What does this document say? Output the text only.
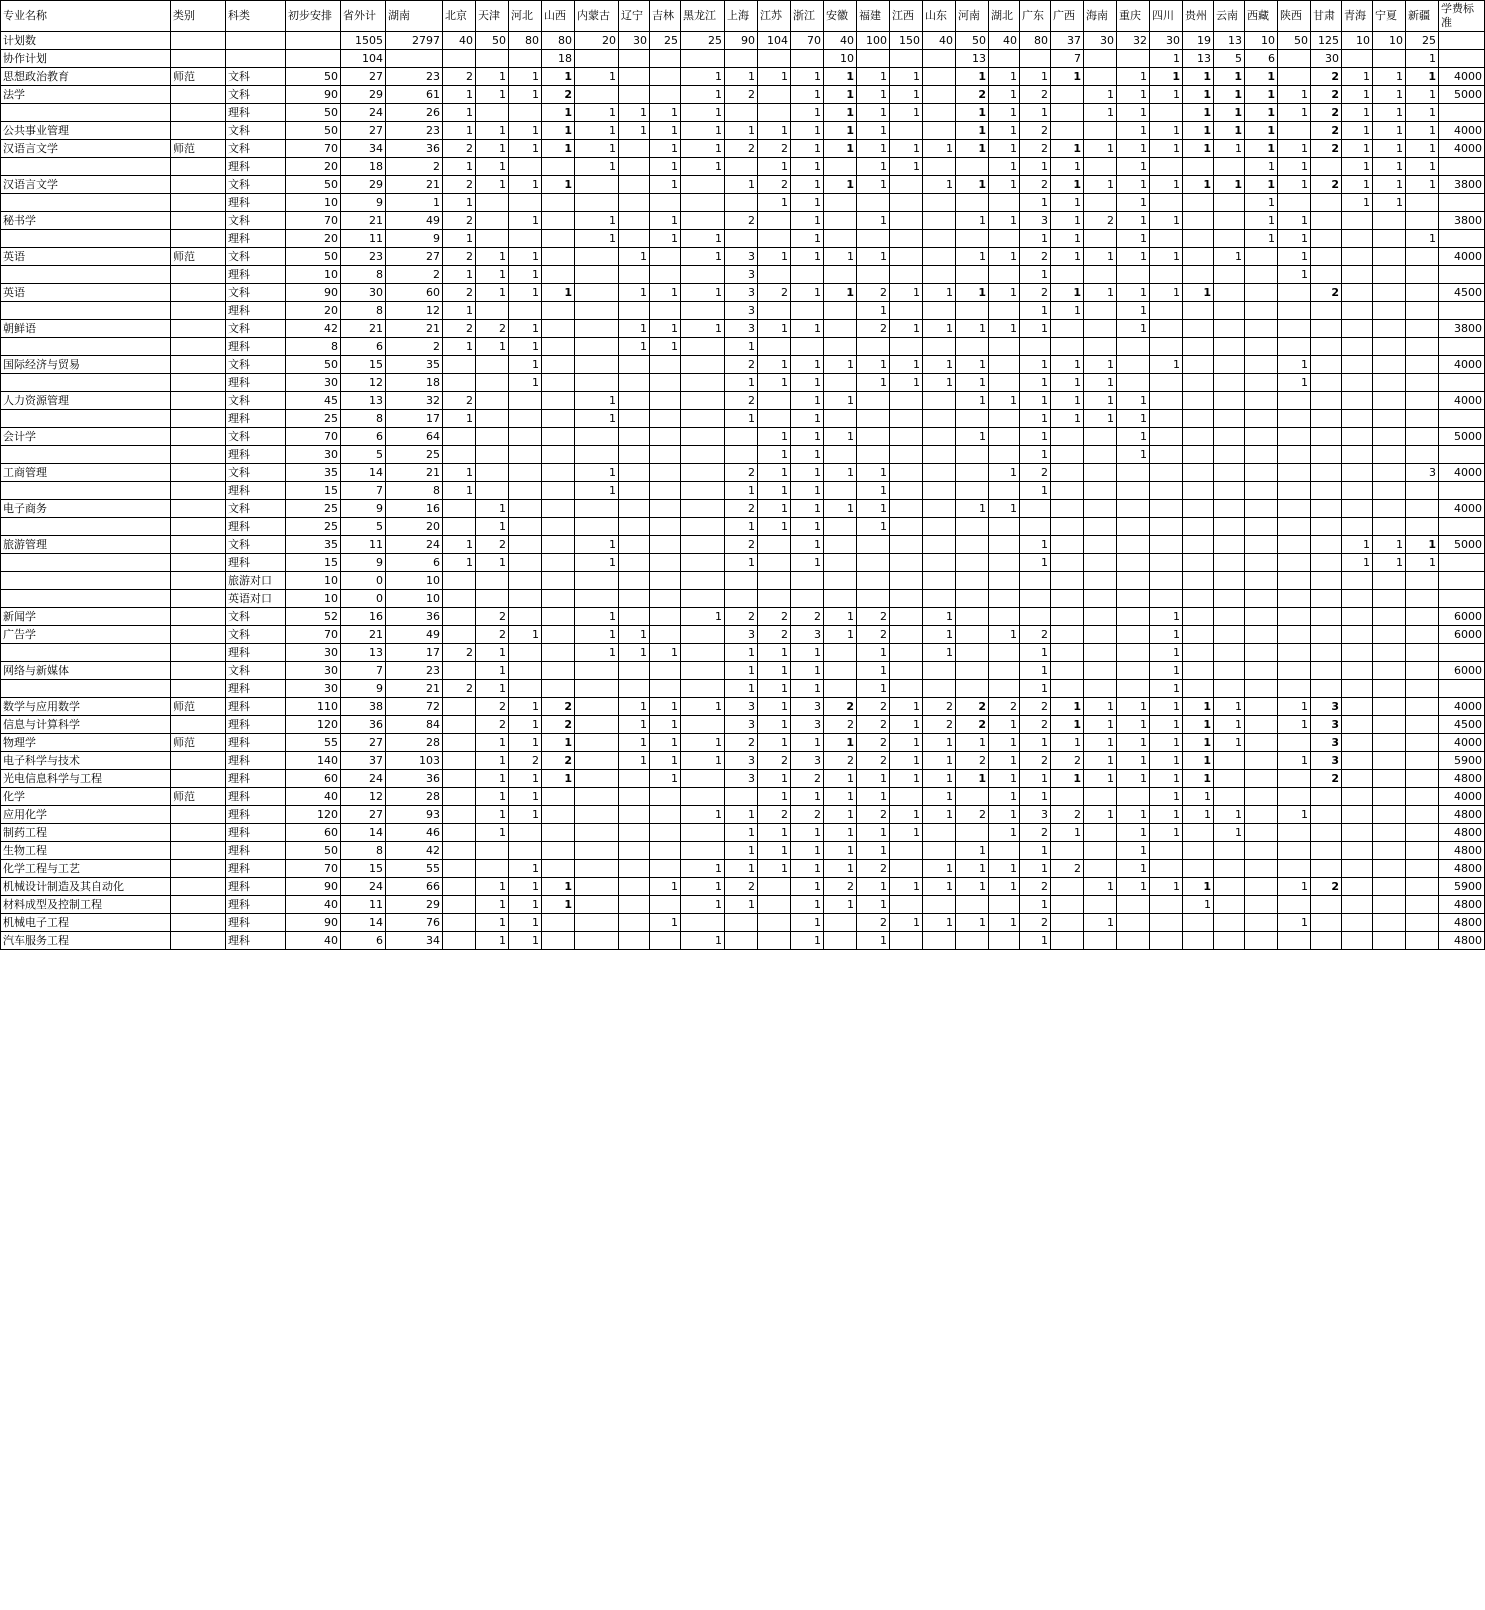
专业名称	类别	科类	初步安排	省外计	湖南	北京	天津	河北	山西	内蒙古	辽宁	吉林	黑龙江	上海	江苏	浙江	安徽	福建	江西	山东	河南	湖北	广东	广西	海南	重庆	四川	贵州	云南	西藏	陕西	甘肃	青海	宁夏	新疆	学费标准
计划数				1505	2797	40	50	80	80	20	30	25	25	90	104	70	40	100	150	40	50	40	80	37	30	32	30	19	13	10	50	125	10	10	25	
协作计划				104					18								10				13			7			1	13	5	6		30			1	
思想政治教育	师范	文科	50	27	23	2	1	1	1	1			1	1	1	1	1	1	1		1	1	1	1		1	1	1	1	1		2	1	1	1	4000
法学		文科	90	29	61	1	1	1	2				1	2		1	1	1	1		2	1	2		1	1	1	1	1	1	1	2	1	1	1	5000
		理科	50	24	26	1			1	1	1	1	1			1	1	1	1		1	1	1		1	1		1	1	1	1	2	1	1	1	
公共事业管理		文科	50	27	23	1	1	1	1	1	1	1	1	1	1	1	1	1			1	1	2			1	1	1	1	1		2	1	1	1	4000
汉语言文学	师范	文科	70	34	36	2	1	1	1	1		1	1	2	2	1	1	1	1	1	1	1	2	1	1	1	1	1	1	1	1	2	1	1	1	4000
		理科	20	18	2	1	1			1		1	1		1	1		1	1			1	1	1		1				1	1		1	1	1	
汉语言文学		文科	50	29	21	2	1	1	1			1		1	2	1	1	1		1	1	1	2	1	1	1	1	1	1	1	1	2	1	1	1	3800
		理科	10	9	1	1									1	1							1	1		1				1			1	1		
秘书学		文科	70	21	49	2		1		1		1		2		1		1			1	1	3	1	2	1	1			1	1					3800
		理科	20	11	9	1				1		1	1			1							1	1		1				1	1				1	
英语	师范	文科	50	23	27	2	1	1			1		1	3	1	1	1	1			1	1	2	1	1	1	1		1		1					4000
		理科	10	8	2	1	1	1						3									1								1					
英语		文科	90	30	60	2	1	1	1		1	1	1	3	2	1	1	2	1	1	1	1	2	1	1	1	1	1				2				4500
		理科	20	8	12	1								3				1					1	1		1										
朝鲜语		文科	42	21	21	2	2	1			1	1	1	3	1	1		2	1	1	1	1	1			1										3800
		理科	8	6	2	1	1	1			1	1		1																						
国际经济与贸易		文科	50	15	35			1						2	1	1	1	1	1	1	1		1	1	1		1				1					4000
		理科	30	12	18			1						1	1	1		1	1	1	1		1	1	1						1					
人力资源管理		文科	45	13	32	2				1				2		1	1				1	1	1	1	1	1										4000
		理科	25	8	17	1				1				1		1							1	1	1	1										
会计学		文科	70	6	64										1	1	1				1		1			1										5000
		理科	30	5	25										1	1							1			1										
工商管理		文科	35	14	21	1				1				2	1	1	1	1				1	2												3	4000
		理科	15	7	8	1				1				1	1	1		1					1													
电子商务		文科	25	9	16		1							2	1	1	1	1			1	1														4000
		理科	25	5	20		1							1	1	1		1																		
旅游管理		文科	35	11	24	1	2			1				2		1							1										1	1	1	5000
		理科	15	9	6	1	1			1				1		1							1										1	1	1	
		旅游对口	10	0	10																															
		英语对口	10	0	10																															
新闻学		文科	52	16	36		2			1			1	2	2	2	1	2		1							1									6000
广告学		文科	70	21	49		2	1		1	1			3	2	3	1	2		1		1	2				1									6000
		理科	30	13	17	2	1			1	1	1		1	1	1		1		1			1				1									
网络与新媒体		文科	30	7	23		1							1	1	1		1					1				1									6000
		理科	30	9	21	2	1							1	1	1		1					1				1									
数学与应用数学	师范	理科	110	38	72		2	1	2		1	1	1	3	1	3	2	2	1	2	2	2	2	1	1	1	1	1	1		1	3				4000
信息与计算科学		理科	120	36	84		2	1	2		1	1		3	1	3	2	2	1	2	2	1	2	1	1	1	1	1	1		1	3				4500
物理学	师范	理科	55	27	28		1	1	1		1	1	1	2	1	1	1	2	1	1	1	1	1	1	1	1	1	1	1			3				4000
电子科学与技术		理科	140	37	103		1	2	2		1	1	1	3	2	3	2	2	1	1	2	1	2	2	1	1	1	1			1	3				5900
光电信息科学与工程		理科	60	24	36		1	1	1			1		3	1	2	1	1	1	1	1	1	1	1	1	1	1	1				2				4800
化学	师范	理科	40	12	28		1	1							1	1	1	1		1		1	1				1	1								4000
应用化学		理科	120	27	93		1	1					1	1	2	2	1	2	1	1	2	1	3	2	1	1	1	1	1		1					4800
制药工程		理科	60	14	46		1							1	1	1	1	1	1			1	2	1		1	1		1							4800
生物工程		理科	50	8	42									1	1	1	1	1			1		1			1										4800
化学工程与工艺		理科	70	15	55			1					1	1	1	1	1	2		1	1	1	1	2		1										4800
机械设计制造及其自动化		理科	90	24	66		1	1	1			1	1	2		1	2	1	1	1	1	1	2		1	1	1	1			1	2				5900
材料成型及控制工程		理科	40	11	29		1	1	1				1	1		1	1	1					1					1								4800
机械电子工程		理科	90	14	76		1	1				1				1		2	1	1	1	1	2		1						1					4800
汽车服务工程		理科	40	6	34		1	1					1			1		1					1													4800
